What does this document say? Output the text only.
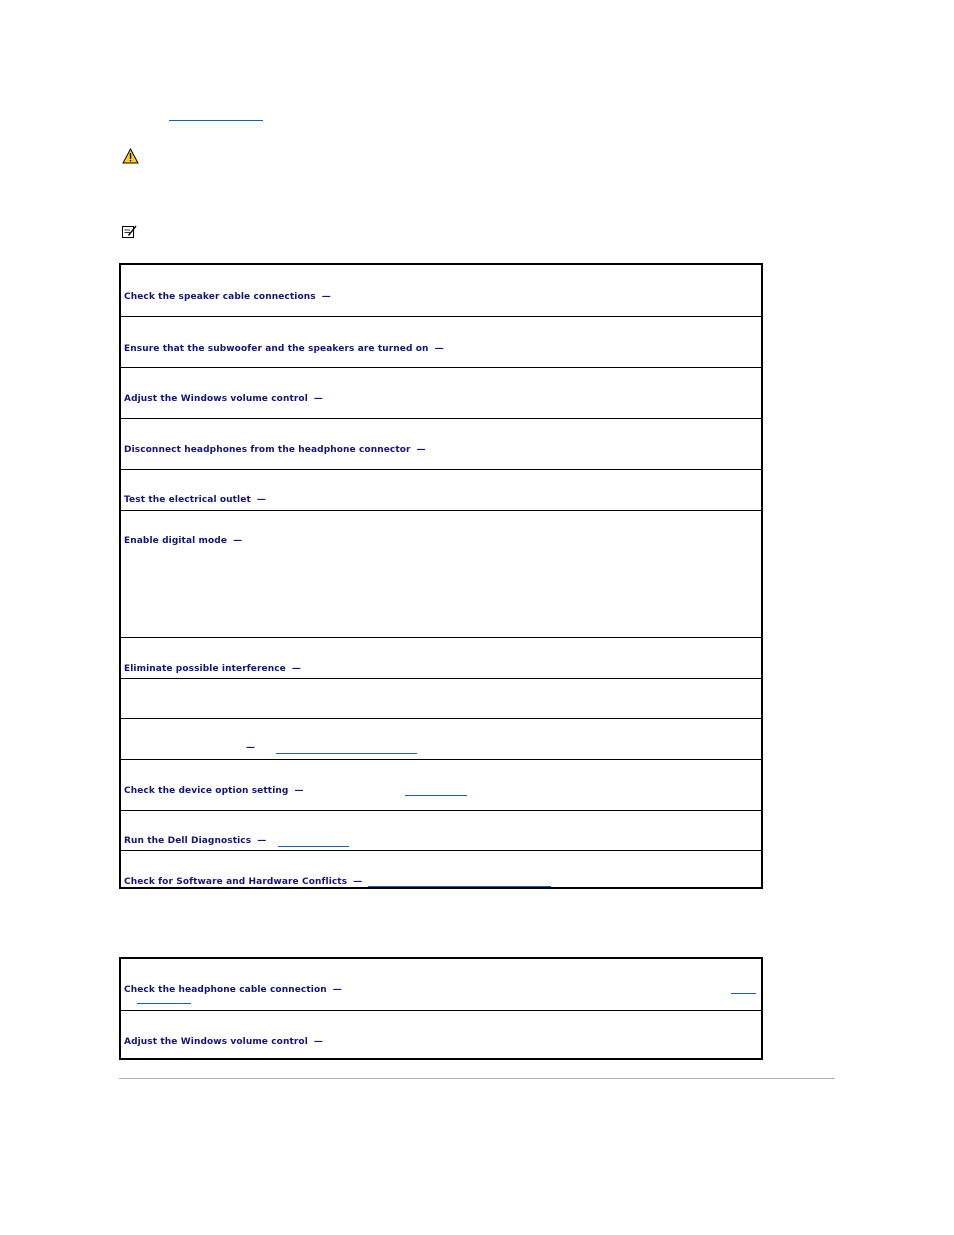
Check the speaker cable connections —
Ensure that the subwoofer and the speakers are turned on —
Adjust the Windows volume control —
Disconnect headphones from the headphone connector —
Test the electrical outlet —
Enable digital mode —
Eliminate possible interference —
—
Check the device option setting —
Run the Dell Diagnostics —
Check for Software and Hardware Conflicts —
Check the headphone cable connection —
Adjust the Windows volume control —
